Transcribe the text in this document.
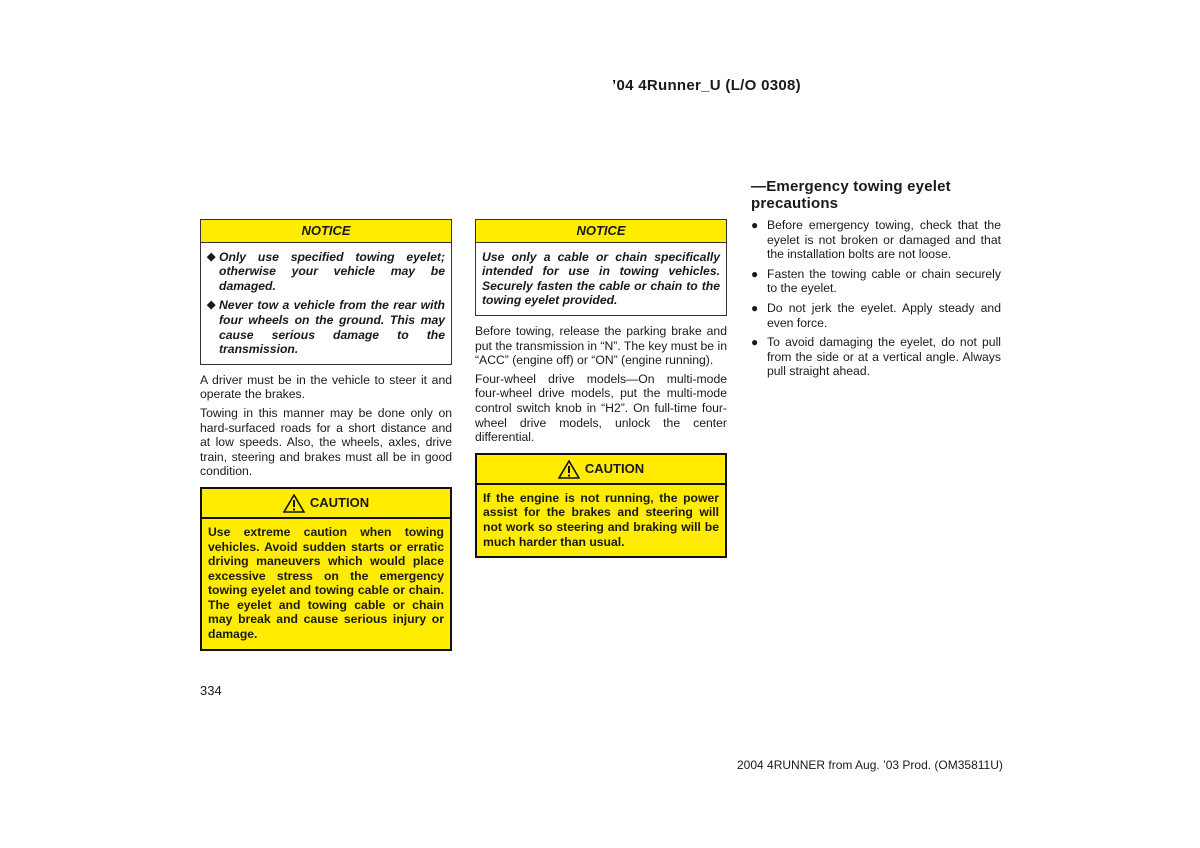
’04 4Runner_U (L/O 0308)
NOTICE
◆ Only use specified towing eyelet; otherwise your vehicle may be damaged.
◆ Never tow a vehicle from the rear with four wheels on the ground. This may cause serious damage to the transmission.

A driver must be in the vehicle to steer it and operate the brakes.

Towing in this manner may be done only on hard-surfaced roads for a short distance and at low speeds. Also, the wheels, axles, drive train, steering and brakes must all be in good condition.

CAUTION
Use extreme caution when towing vehicles. Avoid sudden starts or erratic driving maneuvers which would place excessive stress on the emergency towing eyelet and towing cable or chain. The eyelet and towing cable or chain may break and cause serious injury or damage.
NOTICE
Use only a cable or chain specifically intended for use in towing vehicles. Securely fasten the cable or chain to the towing eyelet provided.

Before towing, release the parking brake and put the transmission in “N”. The key must be in “ACC” (engine off) or “ON” (engine running).

Four-wheel drive models—On multi-mode four-wheel drive models, put the multi-mode control switch knob in “H2”. On full-time four-wheel drive models, unlock the center differential.

CAUTION
If the engine is not running, the power assist for the brakes and steering will not work so steering and braking will be much harder than usual.
—Emergency towing eyelet precautions
● Before emergency towing, check that the eyelet is not broken or damaged and that the installation bolts are not loose.
● Fasten the towing cable or chain securely to the eyelet.
● Do not jerk the eyelet. Apply steady and even force.
● To avoid damaging the eyelet, do not pull from the side or at a vertical angle. Always pull straight ahead.
334
2004 4RUNNER from Aug. ’03 Prod. (OM35811U)
